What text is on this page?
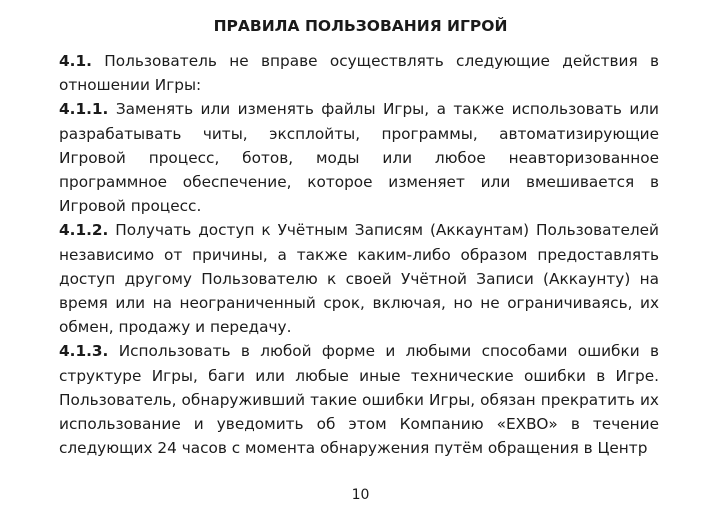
ПРАВИЛА ПОЛЬЗОВАНИЯ ИГРОЙ

4.1. Пользователь не вправе осуществлять следующие действия в отношении Игры:

4.1.1. Заменять или изменять файлы Игры, а также использовать или разрабатывать читы, эксплойты, программы, автоматизирующие Игровой процесс, ботов, моды или любое неавторизованное программное обеспечение, которое изменяет или вмешивается в Игровой процесс.

4.1.2. Получать доступ к Учётным Записям (Аккаунтам) Пользователей независимо от причины, а также каким-либо образом предоставлять доступ другому Пользователю к своей Учётной Записи (Аккаунту) на время или на неограниченный срок, включая, но не ограничиваясь, их обмен, продажу и передачу.

4.1.3. Использовать в любой форме и любыми способами ошибки в структуре Игры, баги или любые иные технические ошибки в Игре. Пользователь, обнаруживший такие ошибки Игры, обязан прекратить их использование и уведомить об этом Компанию «EXBO» в течение следующих 24 часов с момента обнаружения путём обращения в Центр

10
